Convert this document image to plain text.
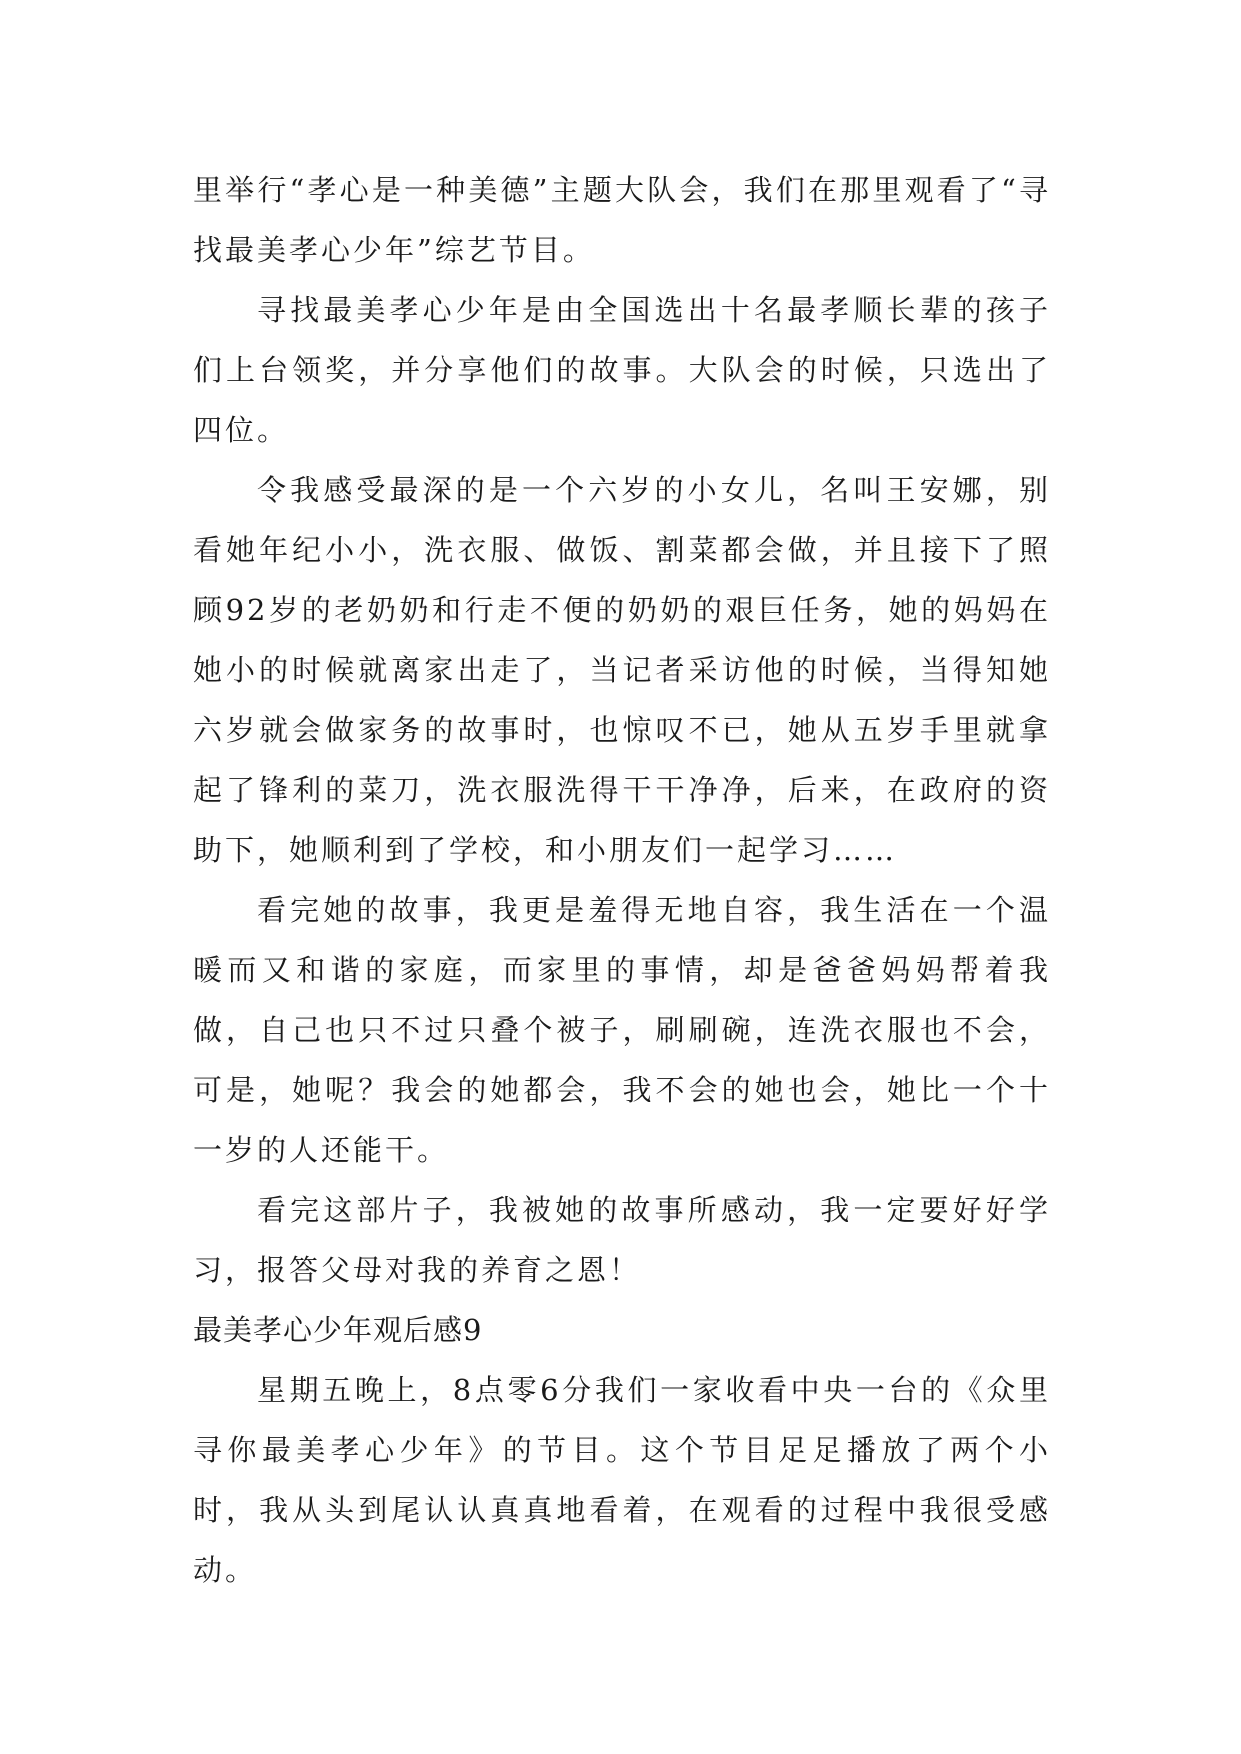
里举行“孝心是一种美德”主题大队会，我们在那里观看了“寻找最美孝心少年”综艺节目。

寻找最美孝心少年是由全国选出十名最孝顺长辈的孩子们上台领奖，并分享他们的故事。大队会的时候，只选出了四位。

令我感受最深的是一个六岁的小女儿，名叫王安娜，别看她年纪小小，洗衣服、做饭、割菜都会做，并且接下了照顾92岁的老奶奶和行走不便的奶奶的艰巨任务，她的妈妈在她小的时候就离家出走了，当记者采访他的时候，当得知她六岁就会做家务的故事时，也惊叹不已，她从五岁手里就拿起了锋利的菜刀，洗衣服洗得干干净净，后来，在政府的资助下，她顺利到了学校，和小朋友们一起学习……

看完她的故事，我更是羞得无地自容，我生活在一个温暖而又和谐的家庭，而家里的事情，却是爸爸妈妈帮着我做，自己也只不过只叠个被子，刷刷碗，连洗衣服也不会，可是，她呢？我会的她都会，我不会的她也会，她比一个十一岁的人还能干。

看完这部片子，我被她的故事所感动，我一定要好好学习，报答父母对我的养育之恩！

最美孝心少年观后感9

星期五晚上，8点零6分我们一家收看中央一台的《众里寻你最美孝心少年》的节目。这个节目足足播放了两个小时，我从头到尾认认真真地看着，在观看的过程中我很受感动。
